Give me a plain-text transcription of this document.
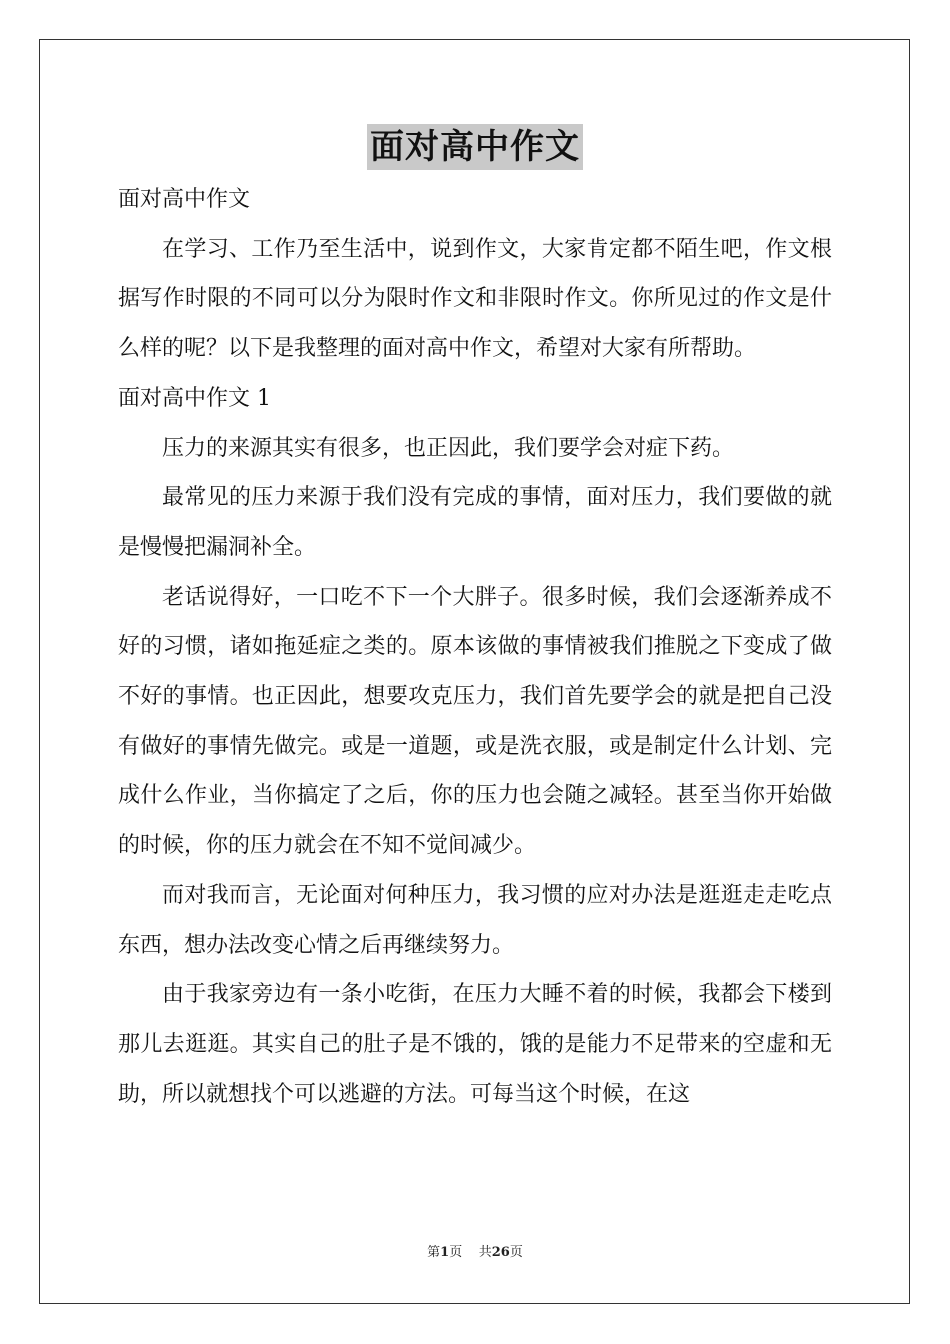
面对高中作文

面对高中作文

在学习、工作乃至生活中，说到作文，大家肯定都不陌生吧，作文根据写作时限的不同可以分为限时作文和非限时作文。你所见过的作文是什么样的呢？以下是我整理的面对高中作文，希望对大家有所帮助。

面对高中作文 1

压力的来源其实有很多，也正因此，我们要学会对症下药。

最常见的压力来源于我们没有完成的事情，面对压力，我们要做的就是慢慢把漏洞补全。

老话说得好，一口吃不下一个大胖子。很多时候，我们会逐渐养成不好的习惯，诸如拖延症之类的。原本该做的事情被我们推脱之下变成了做不好的事情。也正因此，想要攻克压力，我们首先要学会的就是把自己没有做好的事情先做完。或是一道题，或是洗衣服，或是制定什么计划、完成什么作业，当你搞定了之后，你的压力也会随之减轻。甚至当你开始做的时候，你的压力就会在不知不觉间减少。

而对我而言，无论面对何种压力，我习惯的应对办法是逛逛走走吃点东西，想办法改变心情之后再继续努力。

由于我家旁边有一条小吃街，在压力大睡不着的时候，我都会下楼到那儿去逛逛。其实自己的肚子是不饿的，饿的是能力不足带来的空虚和无助，所以就想找个可以逃避的方法。可每当这个时候，在这

第1页 共26页
